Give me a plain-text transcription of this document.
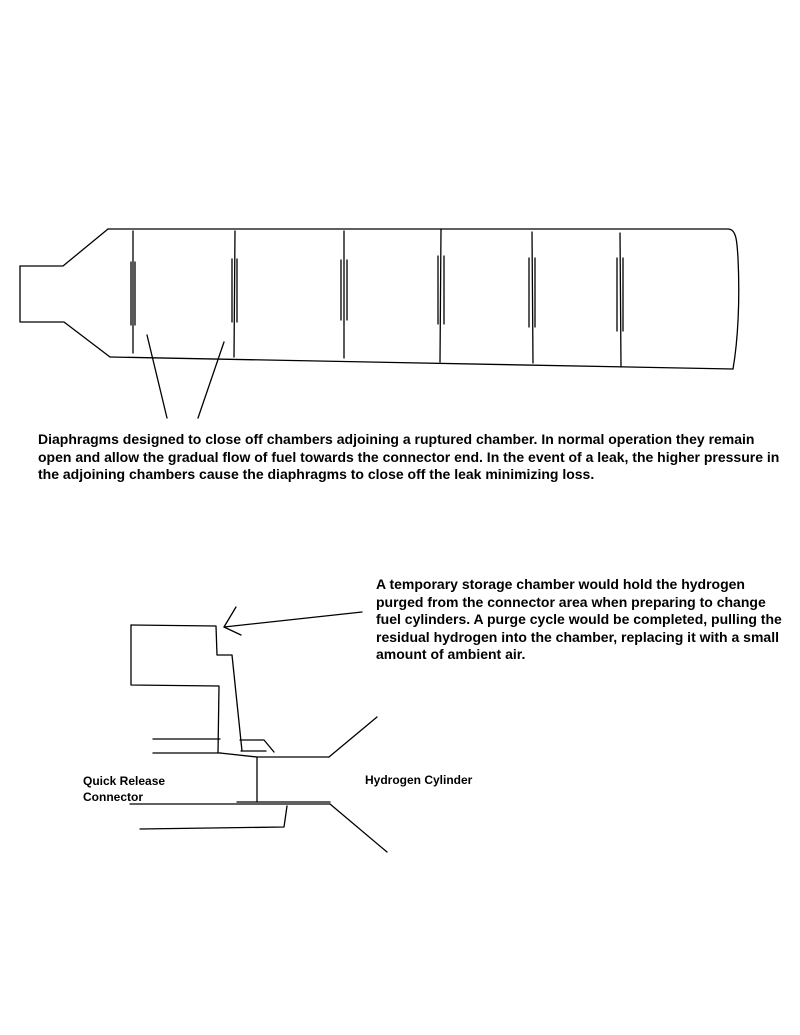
Diaphragms designed to close off chambers adjoining a ruptured chamber. In normal operation they remain open and allow the gradual flow of fuel towards the connector end. In the event of a leak, the higher pressure in the adjoining chambers cause the diaphragms to close off the leak minimizing loss.

A temporary storage chamber would hold the hydrogen purged from the connector area when preparing to change fuel cylinders. A purge cycle would be completed, pulling the residual hydrogen into the chamber, replacing it with a small amount of ambient air.

Quick Release Connector

Hydrogen Cylinder
